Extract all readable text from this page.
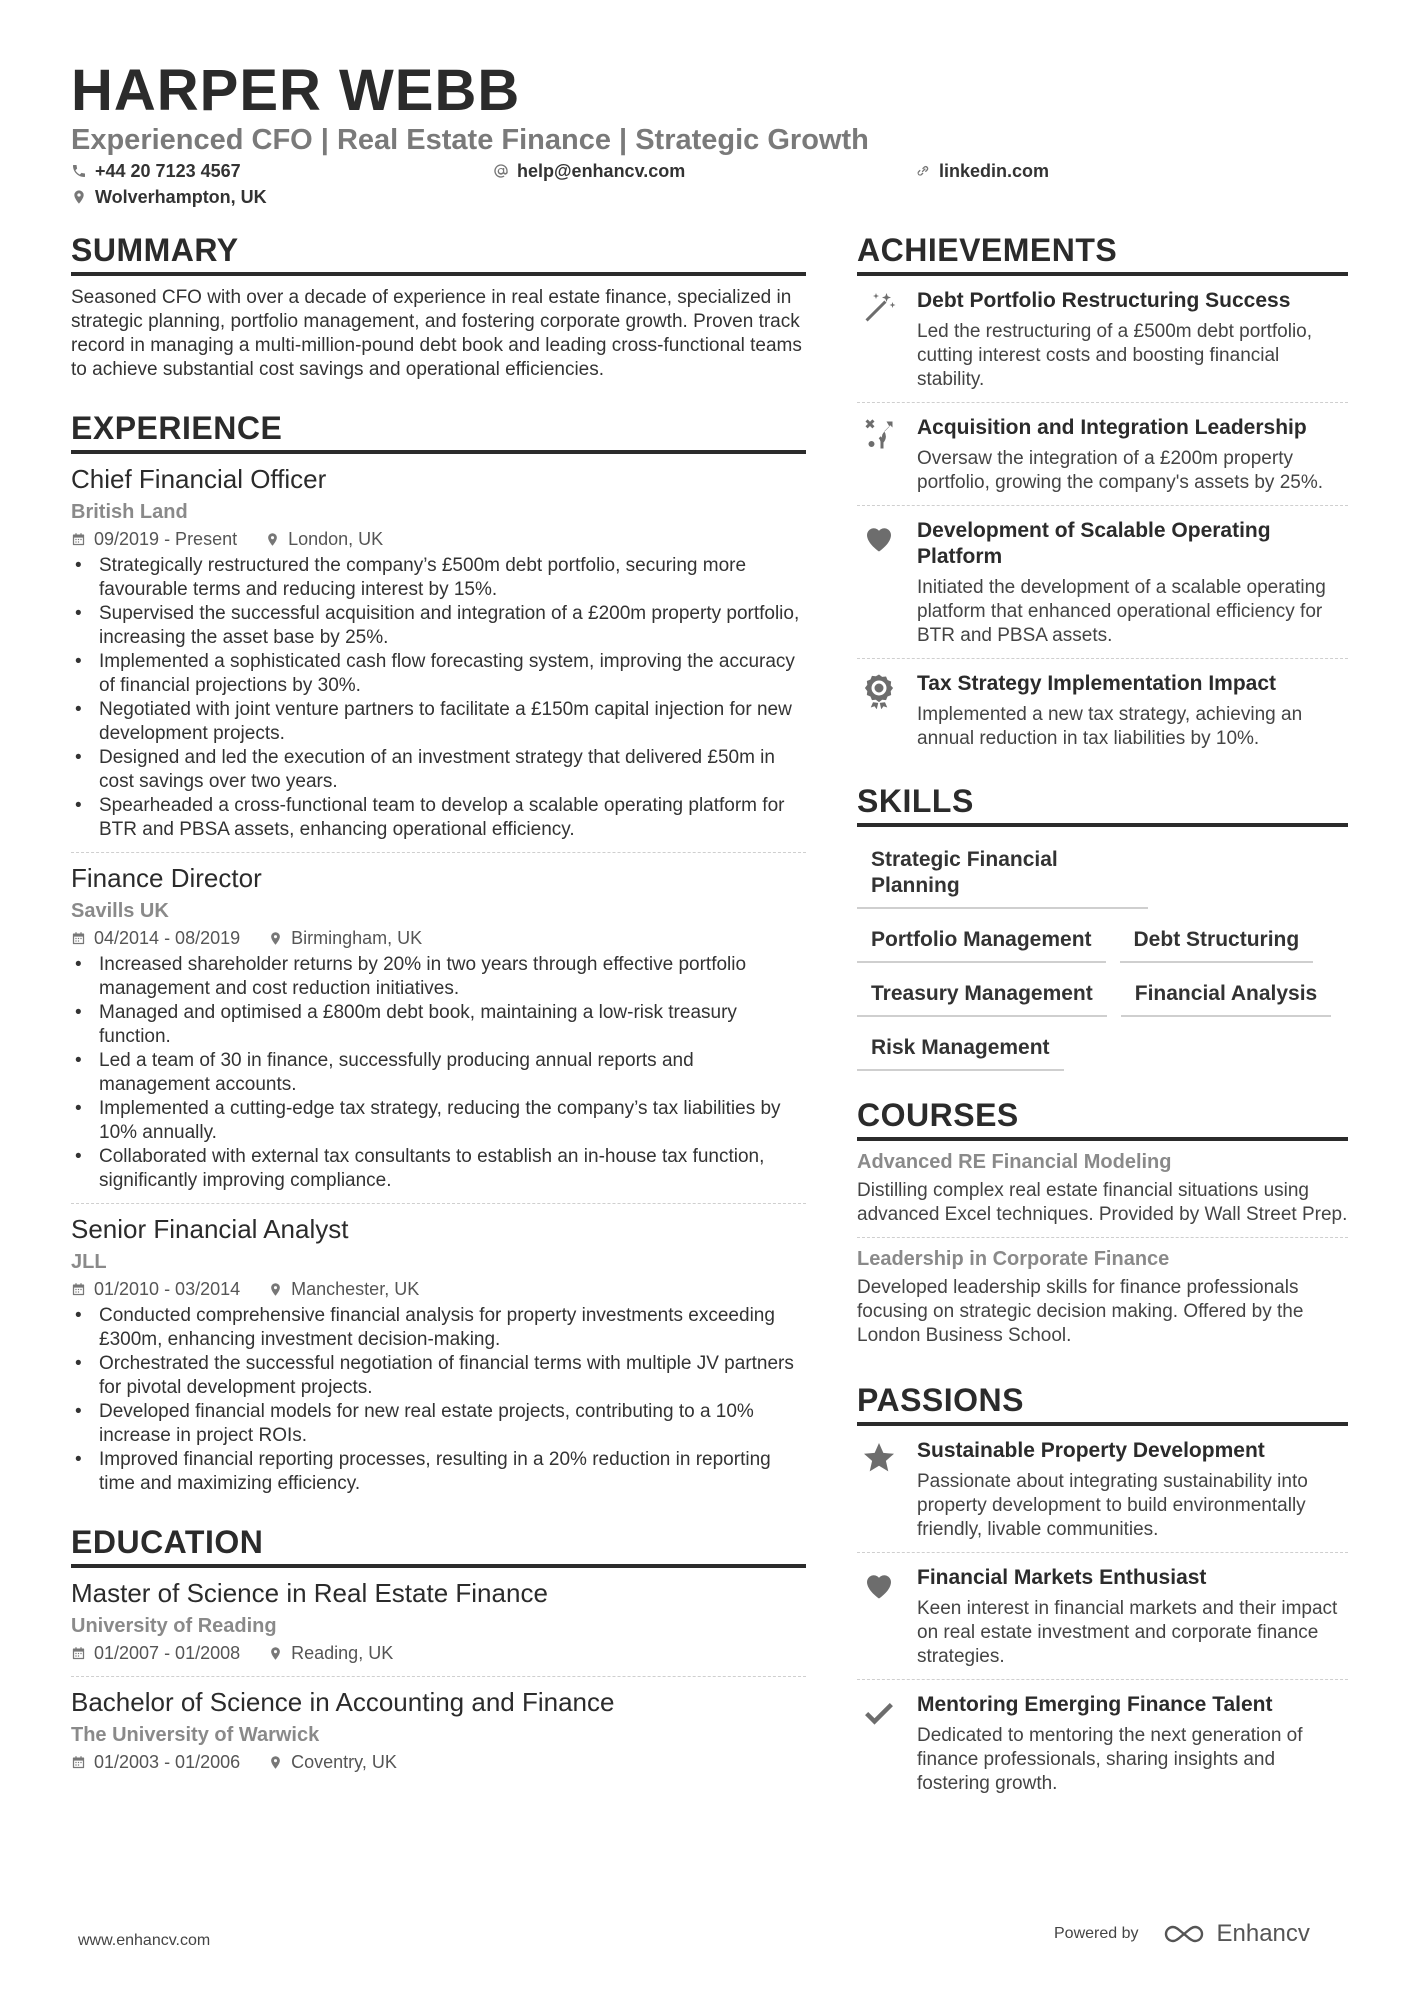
HARPER WEBB
Experienced CFO | Real Estate Finance | Strategic Growth
+44 20 7123 4567	help@enhancv.com	linkedin.com
Wolverhampton, UK
SUMMARY

Seasoned CFO with over a decade of experience in real estate finance, specialized in strategic planning, portfolio management, and fostering corporate growth. Proven track record in managing a multi-million-pound debt book and leading cross-functional teams to achieve substantial cost savings and operational efficiencies.

EXPERIENCE
Chief Financial Officer
British Land
09/2019 - Present	London, UK
• Strategically restructured the company’s £500m debt portfolio, securing more favourable terms and reducing interest by 15%.
• Supervised the successful acquisition and integration of a £200m property portfolio, increasing the asset base by 25%.
• Implemented a sophisticated cash flow forecasting system, improving the accuracy of financial projections by 30%.
• Negotiated with joint venture partners to facilitate a £150m capital injection for new development projects.
• Designed and led the execution of an investment strategy that delivered £50m in cost savings over two years.
• Spearheaded a cross-functional team to develop a scalable operating platform for BTR and PBSA assets, enhancing operational efficiency.
Finance Director
Savills UK
04/2014 - 08/2019	Birmingham, UK
• Increased shareholder returns by 20% in two years through effective portfolio management and cost reduction initiatives.
• Managed and optimised a £800m debt book, maintaining a low-risk treasury function.
• Led a team of 30 in finance, successfully producing annual reports and management accounts.
• Implemented a cutting-edge tax strategy, reducing the company’s tax liabilities by 10% annually.
• Collaborated with external tax consultants to establish an in-house tax function, significantly improving compliance.
Senior Financial Analyst
JLL
01/2010 - 03/2014	Manchester, UK
• Conducted comprehensive financial analysis for property investments exceeding £300m, enhancing investment decision-making.
• Orchestrated the successful negotiation of financial terms with multiple JV partners for pivotal development projects.
• Developed financial models for new real estate projects, contributing to a 10% increase in project ROIs.
• Improved financial reporting processes, resulting in a 20% reduction in reporting time and maximizing efficiency.
EDUCATION
Master of Science in Real Estate Finance
University of Reading
01/2007 - 01/2008	Reading, UK
Bachelor of Science in Accounting and Finance
The University of Warwick
01/2003 - 01/2006	Coventry, UK
ACHIEVEMENTS
Debt Portfolio Restructuring Success
Led the restructuring of a £500m debt portfolio, cutting interest costs and boosting financial stability.
Acquisition and Integration Leadership
Oversaw the integration of a £200m property portfolio, growing the company's assets by 25%.
Development of Scalable Operating Platform
Initiated the development of a scalable operating platform that enhanced operational efficiency for BTR and PBSA assets.
Tax Strategy Implementation Impact
Implemented a new tax strategy, achieving an annual reduction in tax liabilities by 10%.
SKILLS
Strategic Financial Planning
Portfolio Management	Debt Structuring
Treasury Management	Financial Analysis
Risk Management
COURSES
Advanced RE Financial Modeling
Distilling complex real estate financial situations using advanced Excel techniques. Provided by Wall Street Prep.
Leadership in Corporate Finance
Developed leadership skills for finance professionals focusing on strategic decision making. Offered by the London Business School.
PASSIONS
Sustainable Property Development
Passionate about integrating sustainability into property development to build environmentally friendly, livable communities.
Financial Markets Enthusiast
Keen interest in financial markets and their impact on real estate investment and corporate finance strategies.
Mentoring Emerging Finance Talent
Dedicated to mentoring the next generation of finance professionals, sharing insights and fostering growth.
www.enhancv.com	Powered by	Enhancv
